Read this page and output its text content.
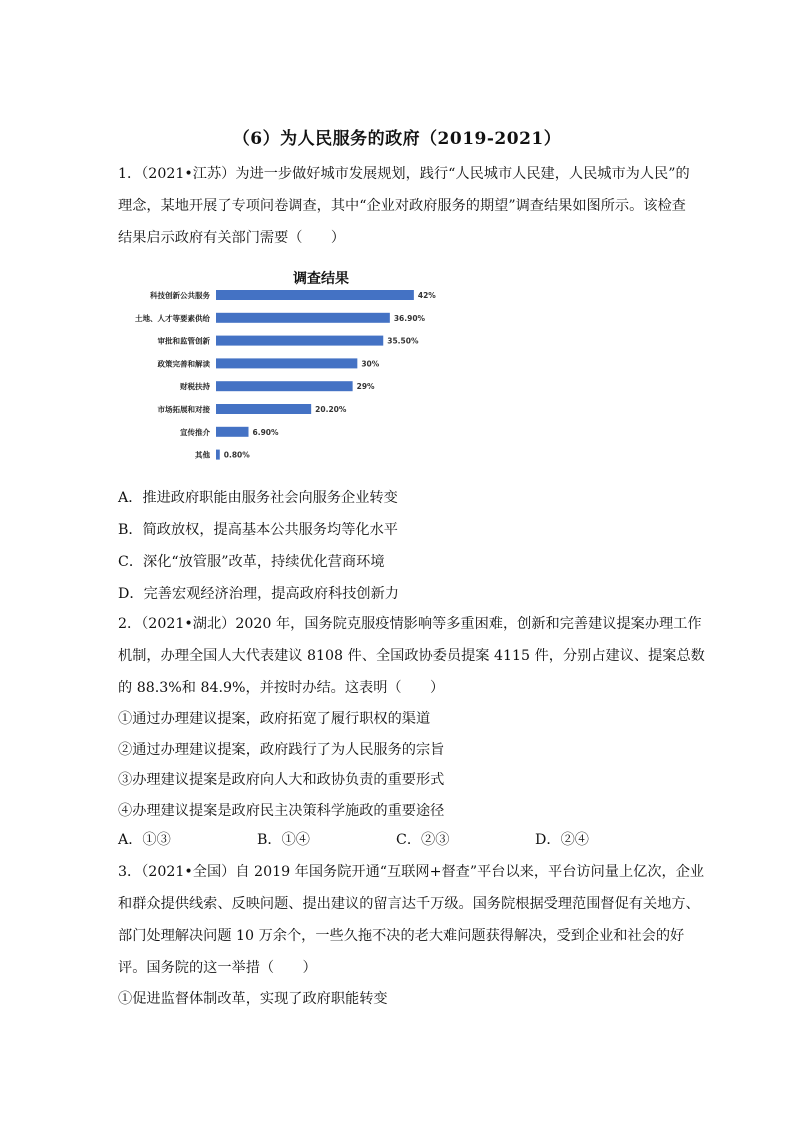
（6）为人民服务的政府（2019-2021）
1．（2021•江苏）为进一步做好城市发展规划，践行“人民城市人民建，人民城市为人民”的
理念，某地开展了专项问卷调查，其中“企业对政府服务的期望”调查结果如图所示。该检查
结果启示政府有关部门需要（　　）
调查结果
科技创新公共服务	42%
土地、人才等要素供给	36.90%
审批和监管创新	35.50%
政策完善和解读	30%
财税扶持	29%
市场拓展和对接	20.20%
宣传推介	6.90%
其他 0.80%
A．推进政府职能由服务社会向服务企业转变
B．简政放权，提高基本公共服务均等化水平
C．深化“放管服”改革，持续优化营商环境
D．完善宏观经济治理，提高政府科技创新力
2．（2021•湖北）2020 年，国务院克服疫情影响等多重困难，创新和完善建议提案办理工作
机制，办理全国人大代表建议 8108 件、全国政协委员提案 4115 件，分别占建议、提案总数
的 88.3%和 84.9%，并按时办结。这表明（　　）
①通过办理建议提案，政府拓宽了履行职权的渠道
②通过办理建议提案，政府践行了为人民服务的宗旨
③办理建议提案是政府向人大和政协负责的重要形式
④办理建议提案是政府民主决策科学施政的重要途径
A．①③	B．①④	C．②③	D．②④
3．（2021•全国）自 2019 年国务院开通“互联网+督查”平台以来，平台访问量上亿次，企业
和群众提供线索、反映问题、提出建议的留言达千万级。国务院根据受理范围督促有关地方、
部门处理解决问题 10 万余个，一些久拖不决的老大难问题获得解决，受到企业和社会的好
评。国务院的这一举措（　　）
①促进监督体制改革，实现了政府职能转变
